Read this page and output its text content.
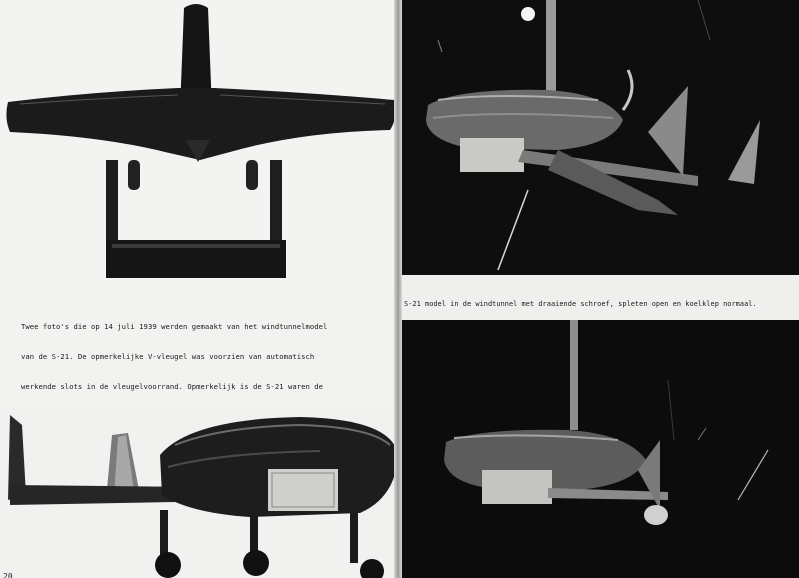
Twee foto's die op 14 juli 1939 werden gemaakt van het windtunnelmodel

van de S-21. De opmerkelijke V-vleugel was voorzien van automatisch

werkende slots in de vleugelvoorrand. Opmerkelijk is de S-21 waren de

20

S-21 model in de windtunnel met draaiende schroef, spleten open en koelklep normaal.
